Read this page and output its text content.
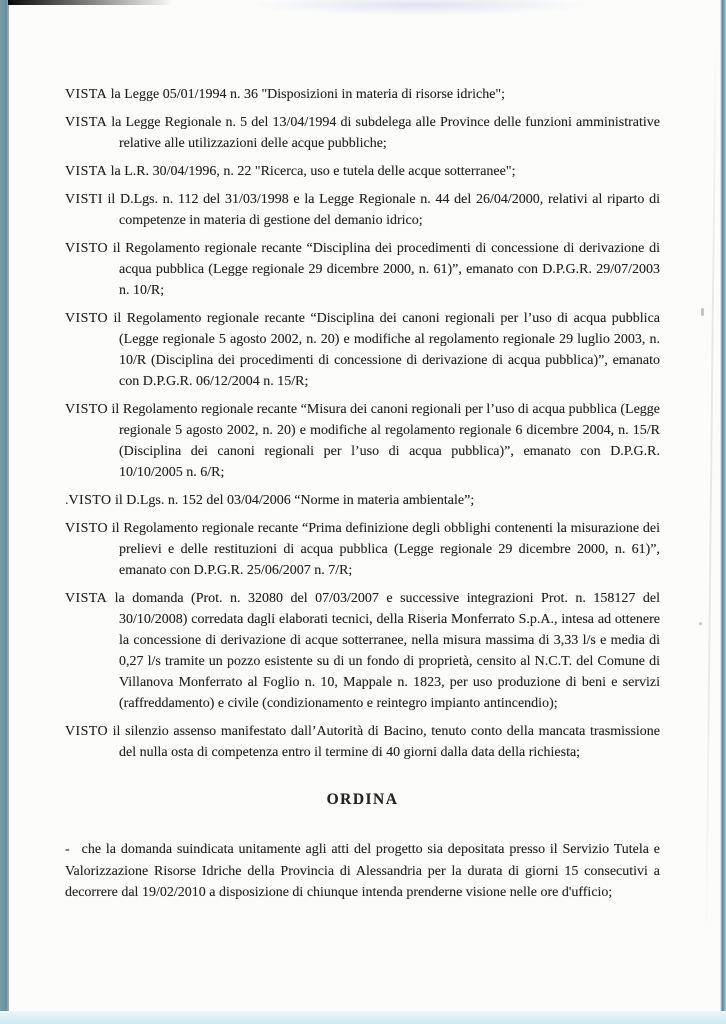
VISTA la Legge 05/01/1994 n. 36 "Disposizioni in materia di risorse idriche";

VISTA la Legge Regionale n. 5 del 13/04/1994 di subdelega alle Province delle funzioni amministrative relative alle utilizzazioni delle acque pubbliche;

VISTA la L.R. 30/04/1996, n. 22 "Ricerca, uso e tutela delle acque sotterranee";

VISTI il D.Lgs. n. 112 del 31/03/1998 e la Legge Regionale n. 44 del 26/04/2000, relativi al riparto di competenze in materia di gestione del demanio idrico;

VISTO il Regolamento regionale recante “Disciplina dei procedimenti di concessione di derivazione di acqua pubblica (Legge regionale 29 dicembre 2000, n. 61)”, emanato con D.P.G.R. 29/07/2003 n. 10/R;

VISTO il Regolamento regionale recante “Disciplina dei canoni regionali per l’uso di acqua pubblica (Legge regionale 5 agosto 2002, n. 20) e modifiche al regolamento regionale 29 luglio 2003, n. 10/R (Disciplina dei procedimenti di concessione di derivazione di acqua pubblica)”, emanato con D.P.G.R. 06/12/2004 n. 15/R;

VISTO il Regolamento regionale recante “Misura dei canoni regionali per l’uso di acqua pubblica (Legge regionale 5 agosto 2002, n. 20) e modifiche al regolamento regionale 6 dicembre 2004, n. 15/R (Disciplina dei canoni regionali per l’uso di acqua pubblica)”, emanato con D.P.G.R. 10/10/2005 n. 6/R;

.VISTO il D.Lgs. n. 152 del 03/04/2006 “Norme in materia ambientale”;

VISTO il Regolamento regionale recante “Prima definizione degli obblighi contenenti la misurazione dei prelievi e delle restituzioni di acqua pubblica (Legge regionale 29 dicembre 2000, n. 61)”, emanato con D.P.G.R. 25/06/2007 n. 7/R;

VISTA la domanda (Prot. n. 32080 del 07/03/2007 e successive integrazioni Prot. n. 158127 del 30/10/2008) corredata dagli elaborati tecnici, della Riseria Monferrato S.p.A., intesa ad ottenere la concessione di derivazione di acque sotterranee, nella misura massima di 3,33 l/s e media di 0,27 l/s tramite un pozzo esistente su di un fondo di proprietà, censito al N.C.T. del Comune di Villanova Monferrato al Foglio n. 10, Mappale n. 1823, per uso produzione di beni e servizi (raffreddamento) e civile (condizionamento e reintegro impianto antincendio);

VISTO il silenzio assenso manifestato dall’Autorità di Bacino, tenuto conto della mancata trasmissione del nulla osta di competenza entro il termine di 40 giorni dalla data della richiesta;

ORDINA

- che la domanda suindicata unitamente agli atti del progetto sia depositata presso il Servizio Tutela e Valorizzazione Risorse Idriche della Provincia di Alessandria per la durata di giorni 15 consecutivi a decorrere dal 19/02/2010 a disposizione di chiunque intenda prenderne visione nelle ore d'ufficio;
